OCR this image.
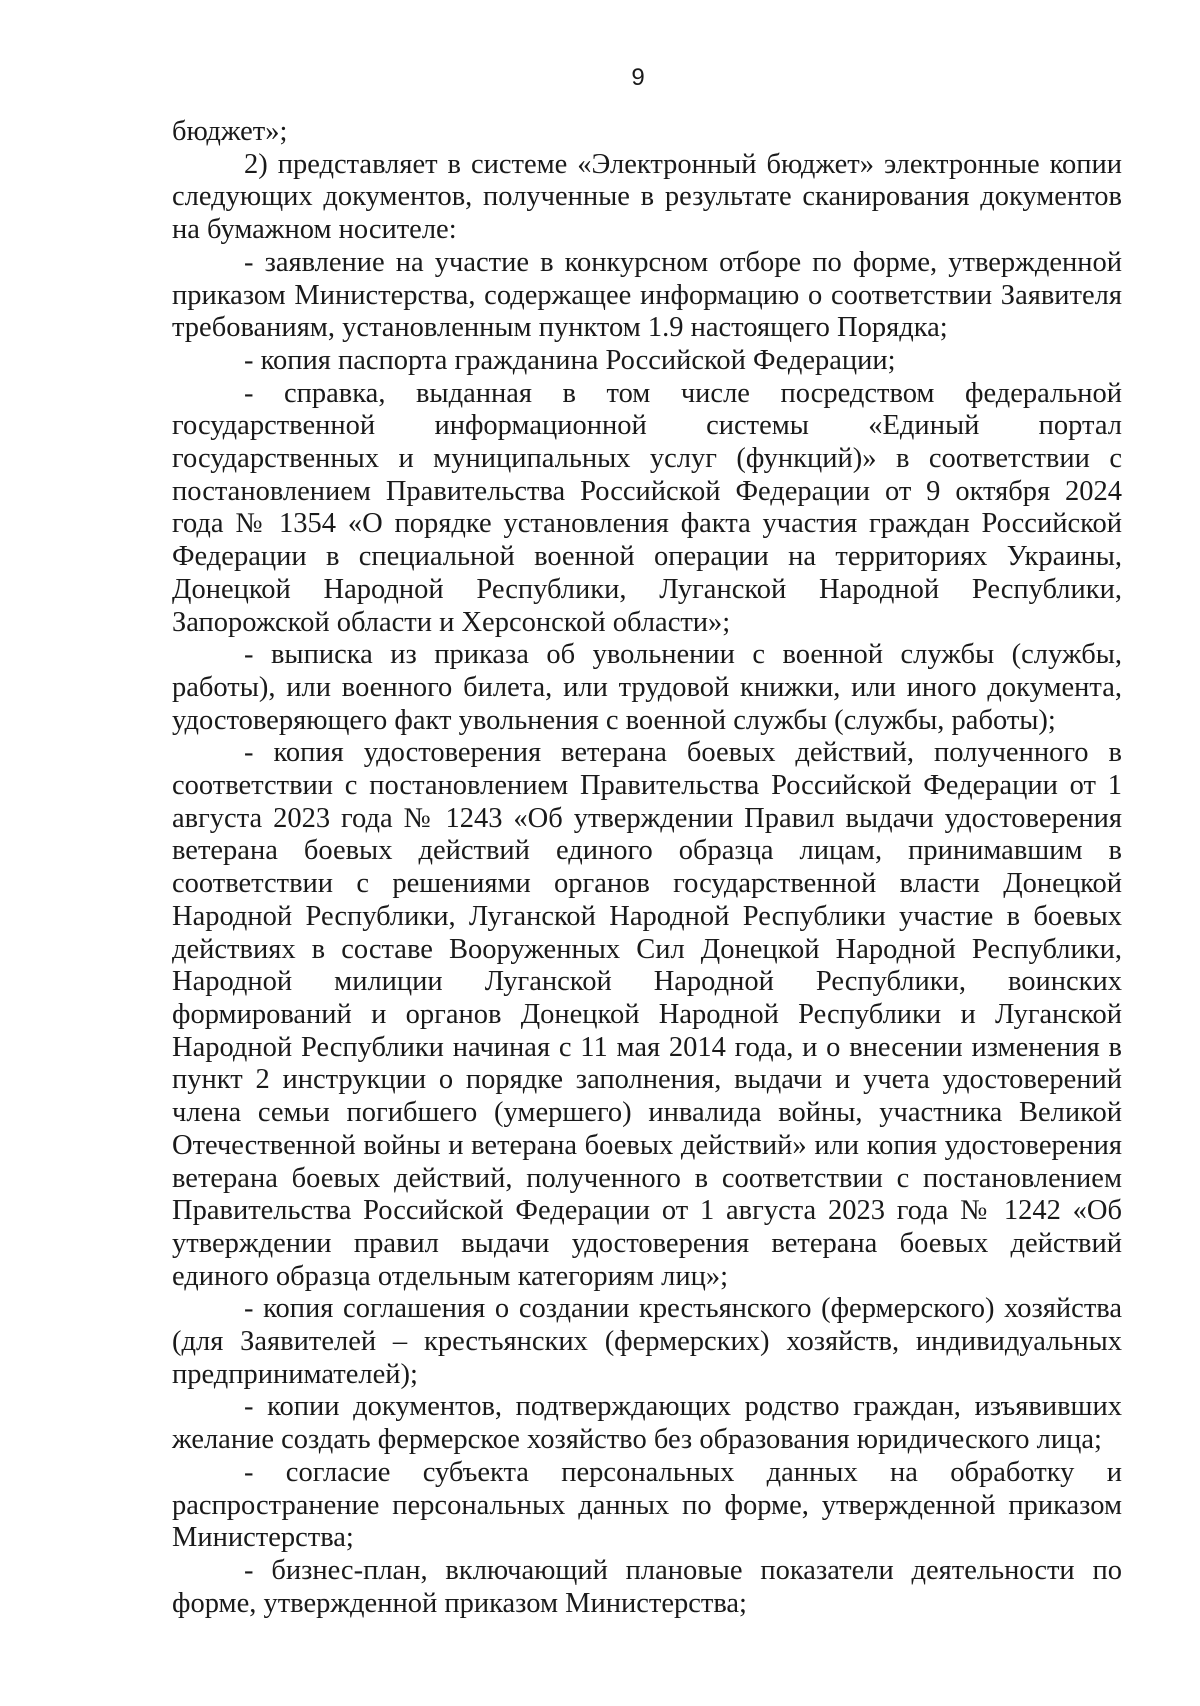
9

бюджет»;

2) представляет в системе «Электронный бюджет» электронные копии следующих документов, полученные в результате сканирования документов на бумажном носителе:

- заявление на участие в конкурсном отборе по форме, утвержденной приказом Министерства, содержащее информацию о соответствии Заявителя требованиям, установленным пунктом 1.9 настоящего Порядка;

- копия паспорта гражданина Российской Федерации;

- справка, выданная в том числе посредством федеральной государственной информационной системы «Единый портал государственных и муниципальных услуг (функций)» в соответствии с постановлением Правительства Российской Федерации от 9 октября 2024 года № 1354 «О порядке установления факта участия граждан Российской Федерации в специальной военной операции на территориях Украины, Донецкой Народной Республики, Луганской Народной Республики, Запорожской области и Херсонской области»;

- выписка из приказа об увольнении с военной службы (службы, работы), или военного билета, или трудовой книжки, или иного документа, удостоверяющего факт увольнения с военной службы (службы, работы);

- копия удостоверения ветерана боевых действий, полученного в соответствии с постановлением Правительства Российской Федерации от 1 августа 2023 года № 1243 «Об утверждении Правил выдачи удостоверения ветерана боевых действий единого образца лицам, принимавшим в соответствии с решениями органов государственной власти Донецкой Народной Республики, Луганской Народной Республики участие в боевых действиях в составе Вооруженных Сил Донецкой Народной Республики, Народной милиции Луганской Народной Республики, воинских формирований и органов Донецкой Народной Республики и Луганской Народной Республики начиная с 11 мая 2014 года, и о внесении изменения в пункт 2 инструкции о порядке заполнения, выдачи и учета удостоверений члена семьи погибшего (умершего) инвалида войны, участника Великой Отечественной войны и ветерана боевых действий» или копия удостоверения ветерана боевых действий, полученного в соответствии с постановлением Правительства Российской Федерации от 1 августа 2023 года № 1242 «Об утверждении правил выдачи удостоверения ветерана боевых действий единого образца отдельным категориям лиц»;

- копия соглашения о создании крестьянского (фермерского) хозяйства (для Заявителей – крестьянских (фермерских) хозяйств, индивидуальных предпринимателей);

- копии документов, подтверждающих родство граждан, изъявивших желание создать фермерское хозяйство без образования юридического лица;

- согласие субъекта персональных данных на обработку и распространение персональных данных по форме, утвержденной приказом Министерства;

- бизнес-план, включающий плановые показатели деятельности по форме, утвержденной приказом Министерства;
